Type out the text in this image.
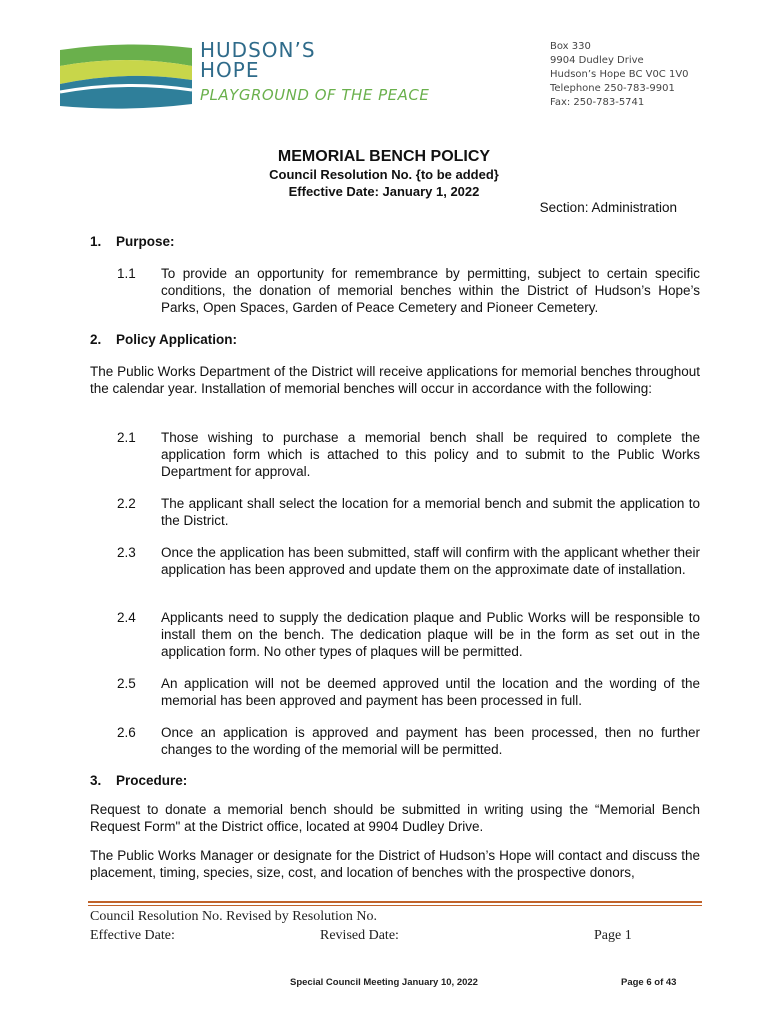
HUDSON’S
HOPE
PLAYGROUND OF THE PEACE
Box 330
9904 Dudley Drive
Hudson’s Hope BC V0C 1V0
Telephone 250-783-9901
Fax: 250-783-5741
MEMORIAL BENCH POLICY
Council Resolution No. {to be added}
Effective Date: January 1, 2022
Section: Administration
1. Purpose:
1.1	To provide an opportunity for remembrance by permitting, subject to certain specific conditions, the donation of memorial benches within the District of Hudson’s Hope’s Parks, Open Spaces, Garden of Peace Cemetery and Pioneer Cemetery.
2. Policy Application:
The Public Works Department of the District will receive applications for memorial benches throughout the calendar year. Installation of memorial benches will occur in accordance with the following:
2.1	Those wishing to purchase a memorial bench shall be required to complete the application form which is attached to this policy and to submit to the Public Works Department for approval.
2.2	The applicant shall select the location for a memorial bench and submit the application to the District.
2.3	Once the application has been submitted, staff will confirm with the applicant whether their application has been approved and update them on the approximate date of installation.
2.4	Applicants need to supply the dedication plaque and Public Works will be responsible to install them on the bench. The dedication plaque will be in the form as set out in the application form. No other types of plaques will be permitted.
2.5	An application will not be deemed approved until the location and the wording of the memorial has been approved and payment has been processed in full.
2.6	Once an application is approved and payment has been processed, then no further changes to the wording of the memorial will be permitted.
3. Procedure:
Request to donate a memorial bench should be submitted in writing using the “Memorial Bench Request Form" at the District office, located at 9904 Dudley Drive.
The Public Works Manager or designate for the District of Hudson’s Hope will contact and discuss the placement, timing, species, size, cost, and location of benches with the prospective donors,
Council Resolution No. Revised by Resolution No.
Effective Date:	Revised Date:	Page 1
Special Council Meeting January 10, 2022	Page 6 of 43
